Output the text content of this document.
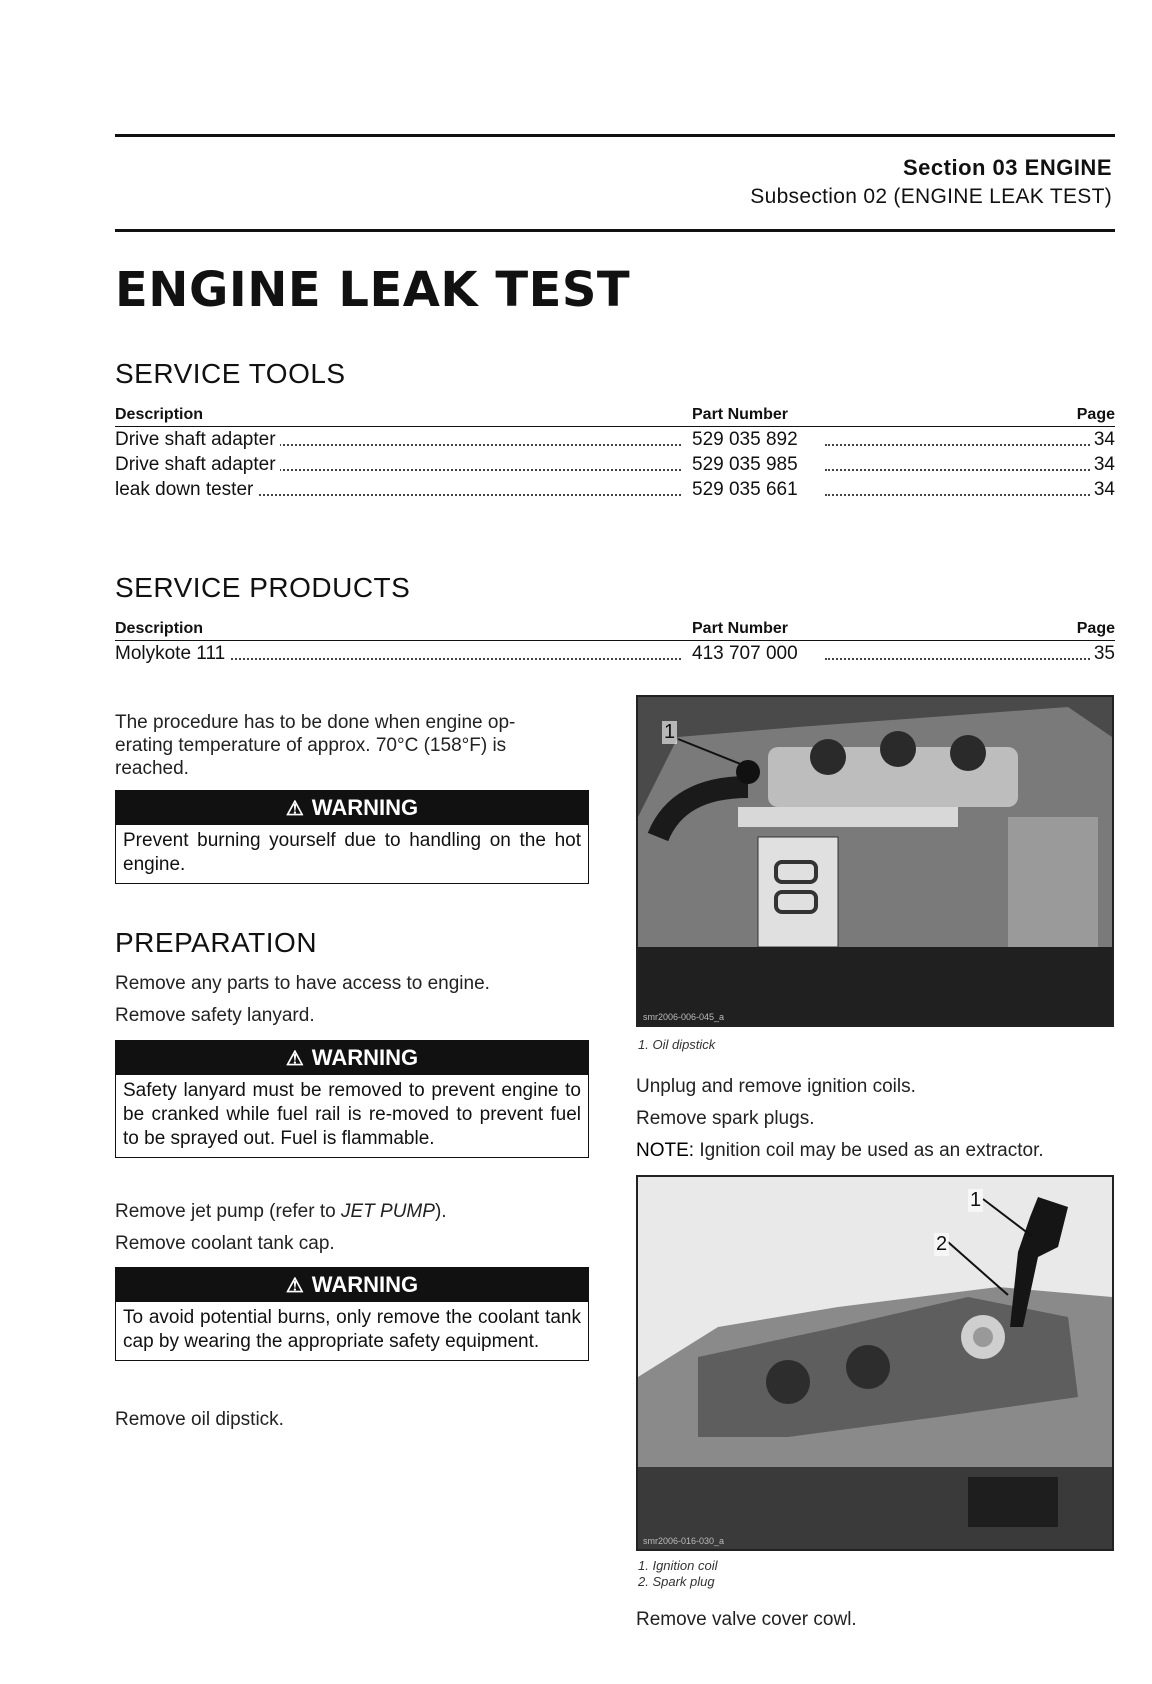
Section 03 ENGINE
Subsection 02 (ENGINE LEAK TEST)
ENGINE LEAK TEST
SERVICE TOOLS
Description	Part Number	Page
Drive shaft adapter	529 035 892	34
Drive shaft adapter	529 035 985	34
leak down tester	529 035 661	34
SERVICE PRODUCTS
Description	Part Number	Page
Molykote 111	413 707 000	35

The procedure has to be done when engine op-
erating temperature of approx. 70°C (158°F) is
reached.

⚠ WARNING
Prevent burning yourself due to handling on the hot engine.
PREPARATION

Remove any parts to have access to engine.

Remove safety lanyard.

⚠ WARNING
Safety lanyard must be removed to prevent engine to be cranked while fuel rail is re-moved to prevent fuel to be sprayed out. Fuel is flammable.

Remove jet pump (refer to JET PUMP).

Remove coolant tank cap.

⚠ WARNING
To avoid potential burns, only remove the coolant tank cap by wearing the appropriate safety equipment.

Remove oil dipstick.

1
smr2006-006-045_a
1. Oil dipstick

Unplug and remove ignition coils.

Remove spark plugs.

NOTE: Ignition coil may be used as an extractor.

1
2
smr2006-016-030_a
1. Ignition coil
2. Spark plug

Remove valve cover cowl.
